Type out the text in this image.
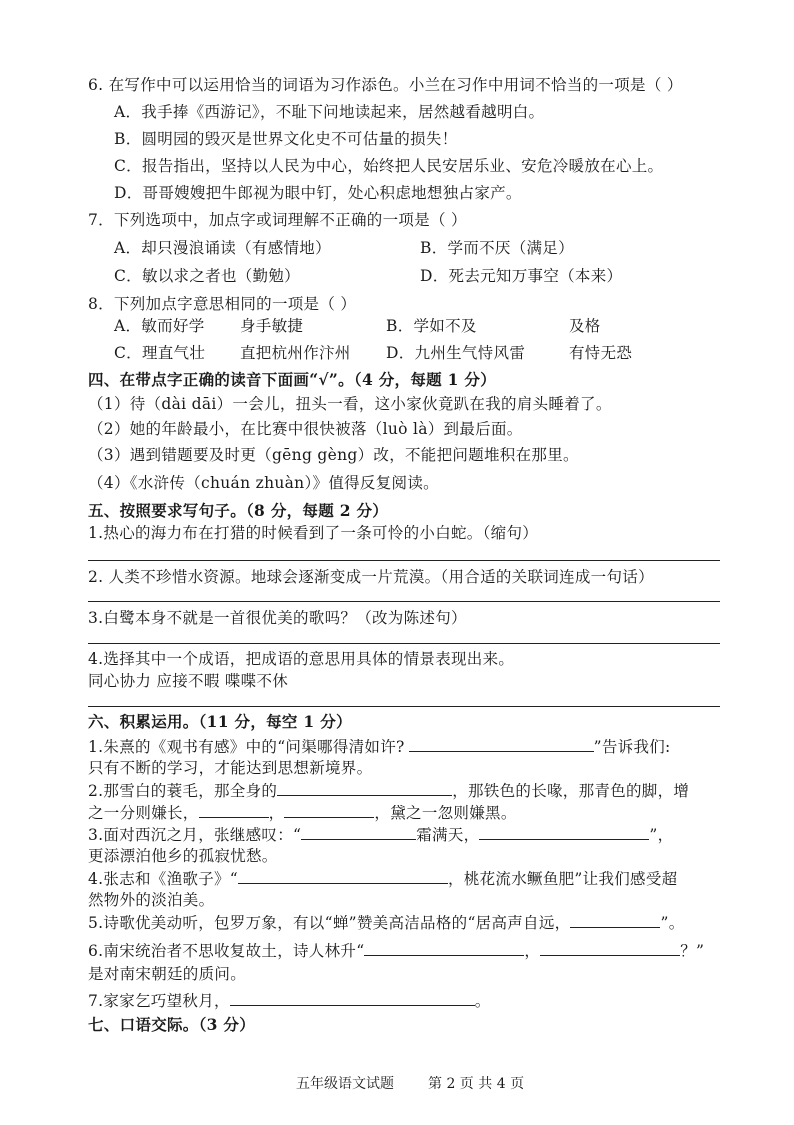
6. 在写作中可以运用恰当的词语为习作添色。小兰在习作中用词不恰当的一项是（ ）
A．我手捧《西游记》，不耻下问地读起来，居然越看越明白。
B．圆明园的毁灭是世界文化史不可估量的损失！
C．报告指出，坚持以人民为中心，始终把人民安居乐业、安危冷暖放在心上。
D．哥哥嫂嫂把牛郎视为眼中钉，处心积虑地想独占家产。
7．下列选项中，加点字或词理解不正确的一项是（ ）
A．却只漫浪诵读（有感情地）	B．学而不厌（满足）
C．敏以求之者也（勤勉）	D．死去元知万事空（本来）
8．下列加点字意思相同的一项是（ ）
A．敏而好学 身手敏捷	B．学如不及	及格
C．理直气壮 直把杭州作汴州 D．九州生气恃风雷	有恃无恐
四、在带点字正确的读音下面画“√”。（4 分，每题 1 分）
（1）待（dài dāi）一会儿，扭头一看，这小家伙竟趴在我的肩头睡着了。
（2）她的年龄最小，在比赛中很快被落（luò là）到最后面。
（3）遇到错题要及时更（gēng gèng）改，不能把问题堆积在那里。
（4）《水浒传（chuán zhuàn）》值得反复阅读。
五、按照要求写句子。（8 分，每题 2 分）
1.热心的海力布在打猎的时候看到了一条可怜的小白蛇。（缩句）
2. 人类不珍惜水资源。地球会逐渐变成一片荒漠。（用合适的关联词连成一句话）
3.白鹭本身不就是一首很优美的歌吗？（改为陈述句）
4.选择其中一个成语，把成语的意思用具体的情景表现出来。
同心协力 应接不暇 喋喋不休
六、积累运用。（11 分，每空 1 分）
1.朱熹的《观书有感》中的“问渠哪得清如许?	”告诉我们:
只有不断的学习，才能达到思想新境界。
2.那雪白的蓑毛，那全身的	，那铁色的长喙，那青色的脚，增
之一分则嫌长，	，	，黛之一忽则嫌黑。
3.面对西沉之月，张继感叹：“	霜满天，	”，
更添漂泊他乡的孤寂忧愁。
4.张志和《渔歌子》“	，桃花流水鳜鱼肥”让我们感受超
然物外的淡泊美。
5.诗歌优美动听，包罗万象，有以“蝉”赞美高洁品格的“居高声自远，	”。
6.南宋统治者不思收复故土，诗人林升“	，	？”
是对南宋朝廷的质问。
7.家家乞巧望秋月，	。
七、口语交际。（3 分）
五年级语文试题 第 2 页 共 4 页
